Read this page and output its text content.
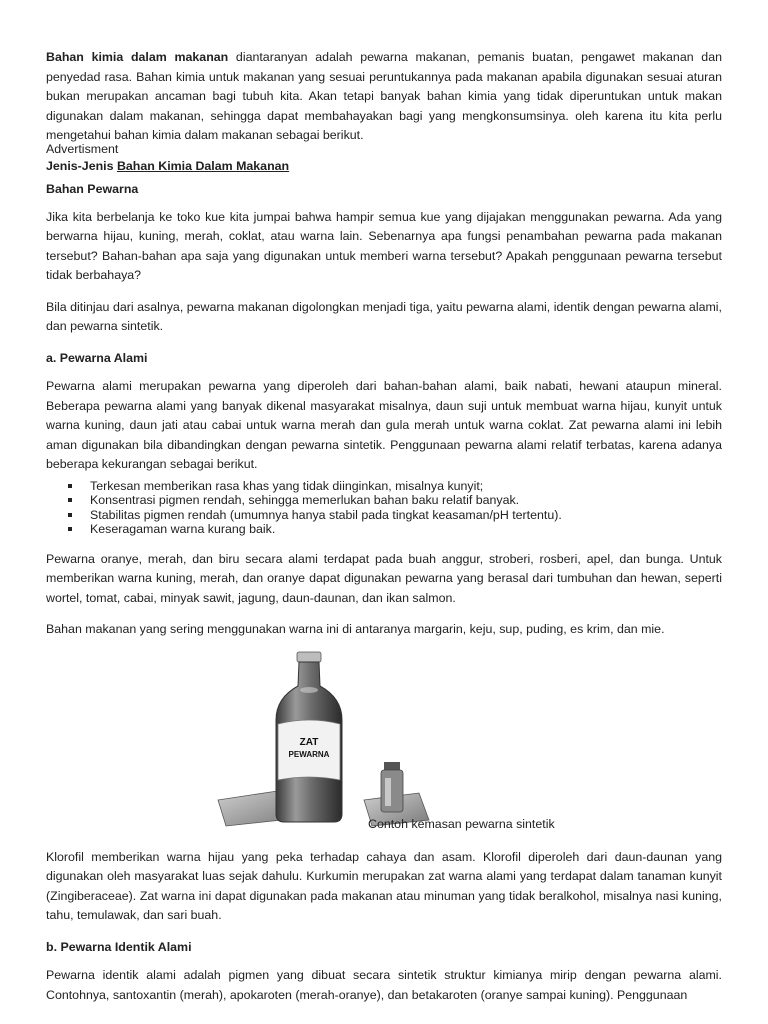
Bahan kimia dalam makanan diantaranyan adalah pewarna makanan, pemanis buatan, pengawet makanan dan penyedad rasa. Bahan kimia untuk makanan yang sesuai peruntukannya pada makanan apabila digunakan sesuai aturan bukan merupakan ancaman bagi tubuh kita. Akan tetapi banyak bahan kimia yang tidak diperuntukan untuk makan digunakan dalam makanan, sehingga dapat membahayakan bagi yang mengkonsumsinya. oleh karena itu kita perlu mengetahui bahan kimia dalam makanan sebagai berikut.

Advertisment

Jenis-Jenis Bahan Kimia Dalam Makanan

Bahan Pewarna

Jika kita berbelanja ke toko kue kita jumpai bahwa hampir semua kue yang dijajakan menggunakan pewarna. Ada yang berwarna hijau, kuning, merah, coklat, atau warna lain. Sebenarnya apa fungsi penambahan pewarna pada makanan tersebut? Bahan-bahan apa saja yang digunakan untuk memberi warna tersebut? Apakah penggunaan pewarna tersebut tidak berbahaya?

Bila ditinjau dari asalnya, pewarna makanan digolongkan menjadi tiga, yaitu pewarna alami, identik dengan pewarna alami, dan pewarna sintetik.

a. Pewarna Alami

Pewarna alami merupakan pewarna yang diperoleh dari bahan-bahan alami, baik nabati, hewani ataupun mineral. Beberapa pewarna alami yang banyak dikenal masyarakat misalnya, daun suji untuk membuat warna hijau, kunyit untuk warna kuning, daun jati atau cabai untuk warna merah dan gula merah untuk warna coklat. Zat pewarna alami ini lebih aman digunakan bila dibandingkan dengan pewarna sintetik. Penggunaan pewarna alami relatif terbatas, karena adanya beberapa kekurangan sebagai berikut.

Terkesan memberikan rasa khas yang tidak diinginkan, misalnya kunyit;
Konsentrasi pigmen rendah, sehingga memerlukan bahan baku relatif banyak.
Stabilitas pigmen rendah (umumnya hanya stabil pada tingkat keasaman/pH tertentu).
Keseragaman warna kurang baik.

Pewarna oranye, merah, dan biru secara alami terdapat pada buah anggur, stroberi, rosberi, apel, dan bunga. Untuk memberikan warna kuning, merah, dan oranye dapat digunakan pewarna yang berasal dari tumbuhan dan hewan, seperti wortel, tomat, cabai, minyak sawit, jagung, daun-daunan, dan ikan salmon.

Bahan makanan yang sering menggunakan warna ini di antaranya margarin, keju, sup, puding, es krim, dan mie.

ZAT
PEWARNA
Contoh kemasan pewarna sintetik

Klorofil memberikan warna hijau yang peka terhadap cahaya dan asam. Klorofil diperoleh dari daun-daunan yang digunakan oleh masyarakat luas sejak dahulu. Kurkumin merupakan zat warna alami yang terdapat dalam tanaman kunyit (Zingiberaceae). Zat warna ini dapat digunakan pada makanan atau minuman yang tidak beralkohol, misalnya nasi kuning, tahu, temulawak, dan sari buah.

b. Pewarna Identik Alami

Pewarna identik alami adalah pigmen yang dibuat secara sintetik struktur kimianya mirip dengan pewarna alami. Contohnya, santoxantin (merah), apokaroten (merah-oranye), dan betakaroten (oranye sampai kuning). Penggunaan
